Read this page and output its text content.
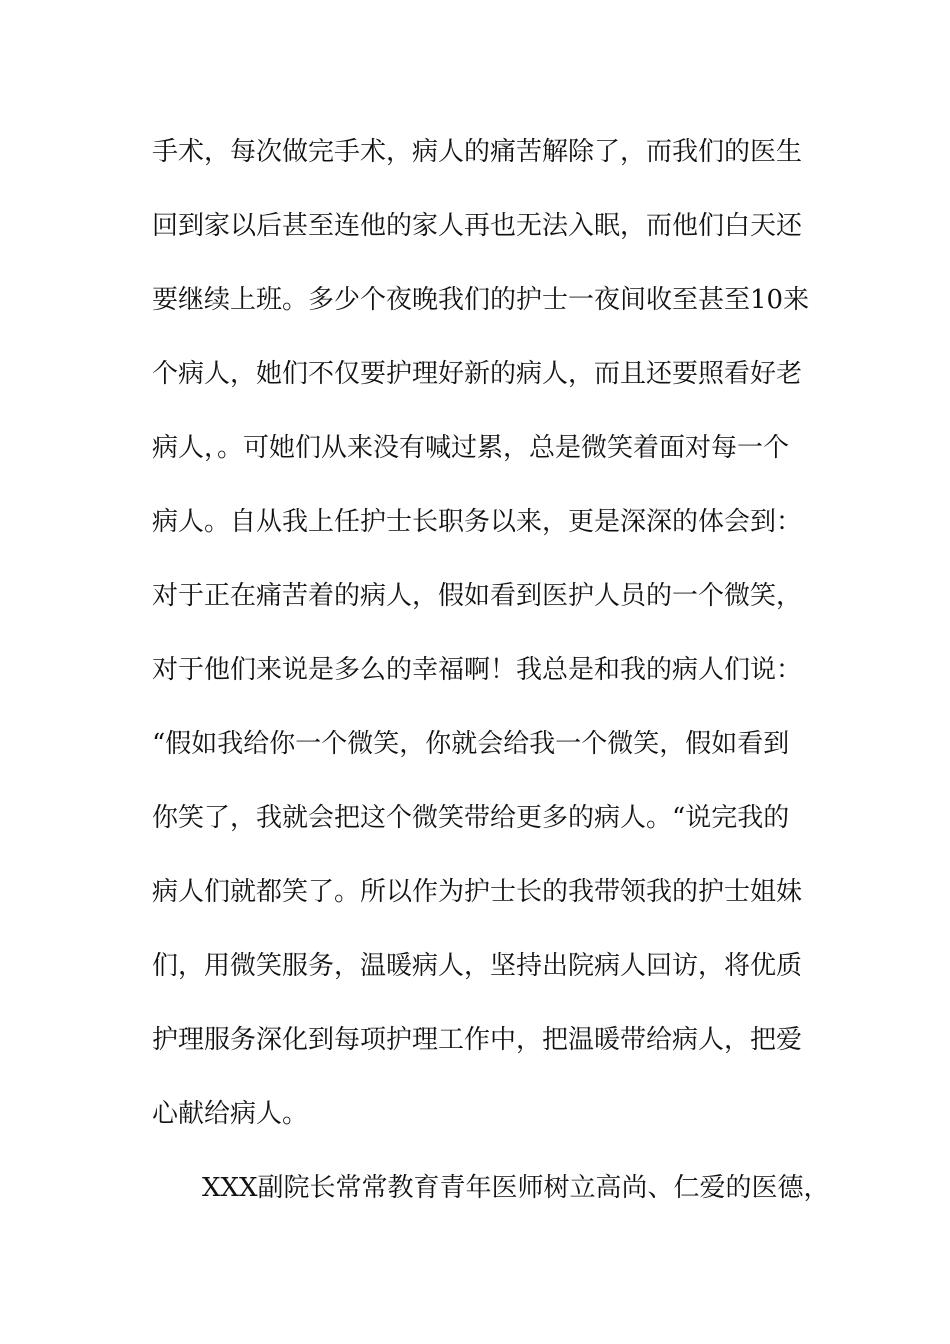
手术，每次做完手术，病人的痛苦解除了，而我们的医生

回到家以后甚至连他的家人再也无法入眠，而他们白天还

要继续上班。多少个夜晚我们的护士一夜间收至甚至10来

个病人，她们不仅要护理好新的病人，而且还要照看好老

病人，。可她们从来没有喊过累，总是微笑着面对每一个

病人。自从我上任护士长职务以来，更是深深的体会到：

对于正在痛苦着的病人，假如看到医护人员的一个微笑，

对于他们来说是多么的幸福啊！我总是和我的病人们说：

“假如我给你一个微笑，你就会给我一个微笑，假如看到

你笑了，我就会把这个微笑带给更多的病人。“说完我的

病人们就都笑了。所以作为护士长的我带领我的护士姐妹

们，用微笑服务，温暖病人，坚持出院病人回访，将优质

护理服务深化到每项护理工作中，把温暖带给病人，把爱

心献给病人。

XXX副院长常常教育青年医师树立高尚、仁爱的医德，
